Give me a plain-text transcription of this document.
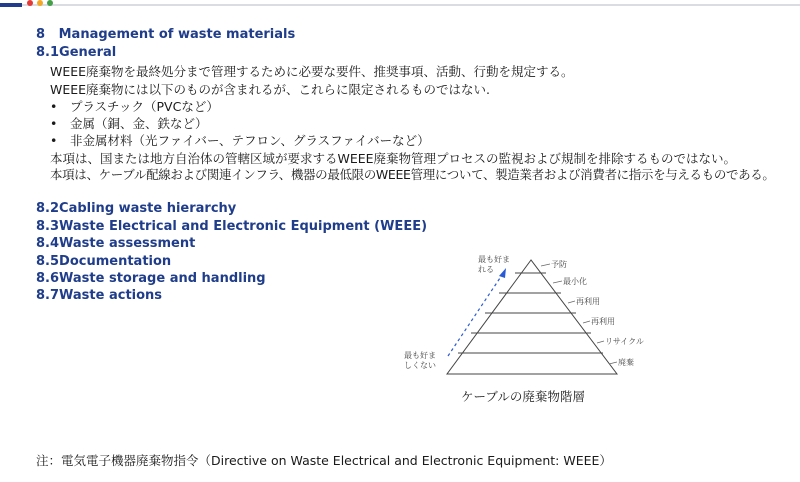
8 Management of waste materials
8.1General
WEEE廃棄物を最終処分まで管理するために必要な要件、推奨事項、活動、行動を規定する。
WEEE廃棄物には以下のものが含まれるが、これらに限定されるものではない.
• プラスチック（PVCなど）
• 金属（銅、金、鉄など）
• 非金属材料（光ファイバー、テフロン、グラスファイバーなど）
本項は、国または地方自治体の管轄区域が要求するWEEE廃棄物管理プロセスの監視および規制を排除するものではない。
本項は、ケーブル配線および関連インフラ、機器の最低限のWEEE管理について、製造業者および消費者に指示を与えるものである。
8.2Cabling waste hierarchy
8.3Waste Electrical and Electronic Equipment (WEEE)
8.4Waste assessment
8.5Documentation
8.6Waste storage and handling
8.7Waste actions
予防
最小化
再利用
再利用
リサイクル
廃棄
最も好まれる
最も好ましくない
ケーブルの廃棄物階層
注：電気電子機器廃棄物指令（Directive on Waste Electrical and Electronic Equipment: WEEE）
